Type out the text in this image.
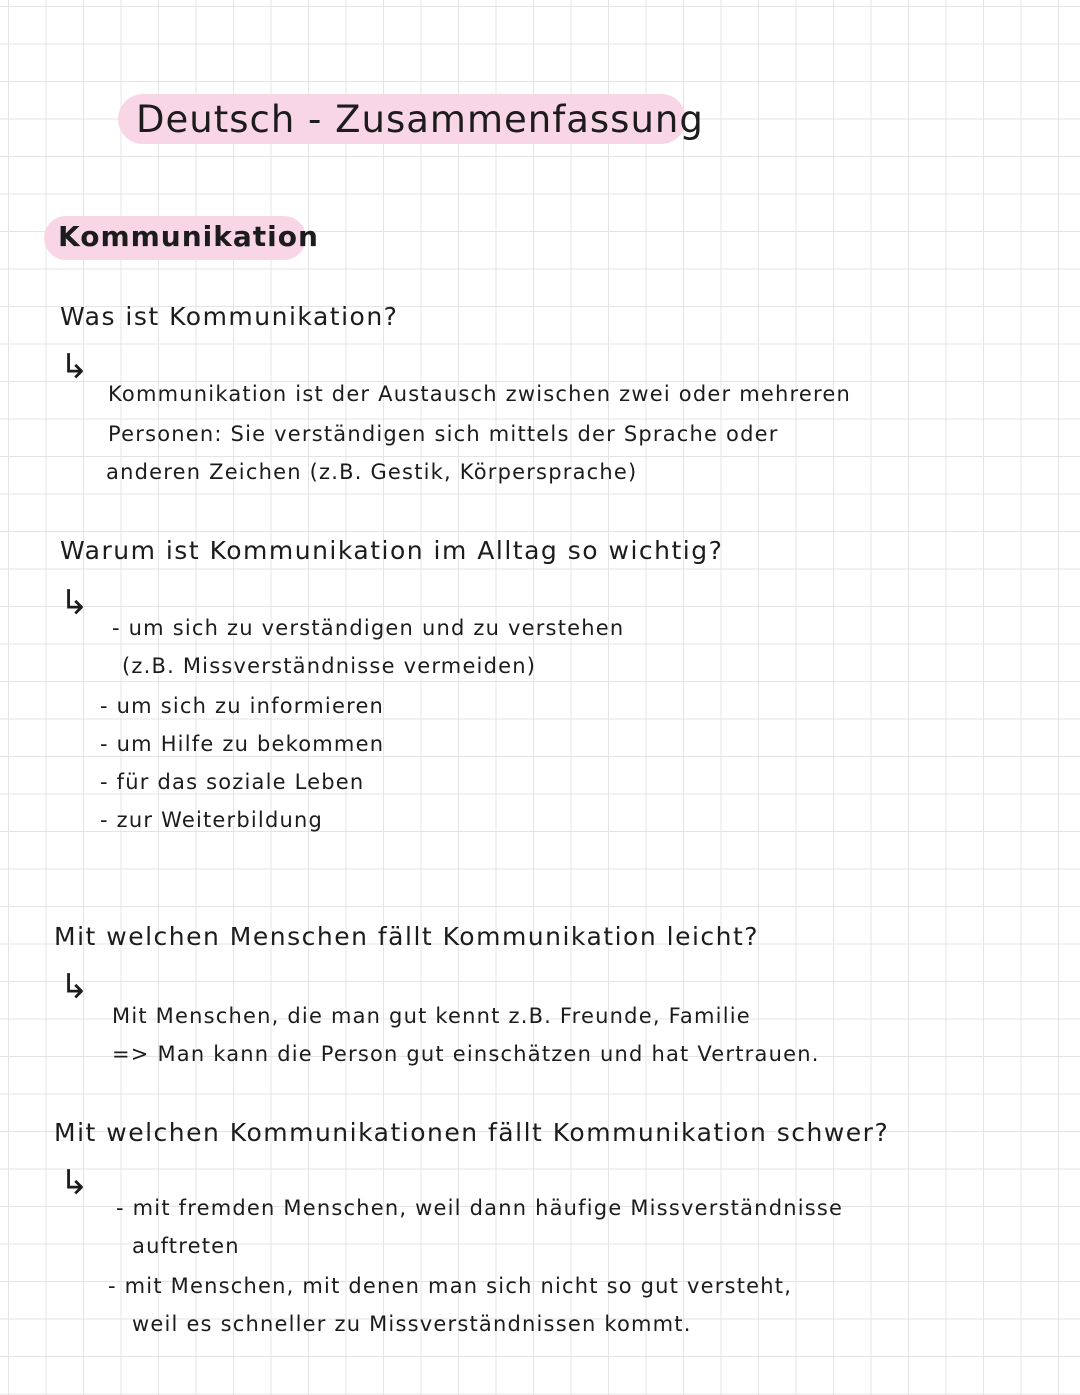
Deutsch - Zusammenfassung
Kommunikation
Was ist Kommunikation?
↳
Kommunikation ist der Austausch zwischen zwei oder mehreren
Personen: Sie verständigen sich mittels der Sprache oder
anderen Zeichen (z.B. Gestik, Körpersprache)
Warum ist Kommunikation im Alltag so wichtig?
↳
- um sich zu verständigen und zu verstehen
(z.B. Missverständnisse vermeiden)
- um sich zu informieren
- um Hilfe zu bekommen
- für das soziale Leben
- zur Weiterbildung
Mit welchen Menschen fällt Kommunikation leicht?
↳
Mit Menschen, die man gut kennt z.B. Freunde, Familie
=> Man kann die Person gut einschätzen und hat Vertrauen.
Mit welchen Kommunikationen fällt Kommunikation schwer?
↳
- mit fremden Menschen, weil dann häufige Missverständnisse
auftreten
- mit Menschen, mit denen man sich nicht so gut versteht,
weil es schneller zu Missverständnissen kommt.
